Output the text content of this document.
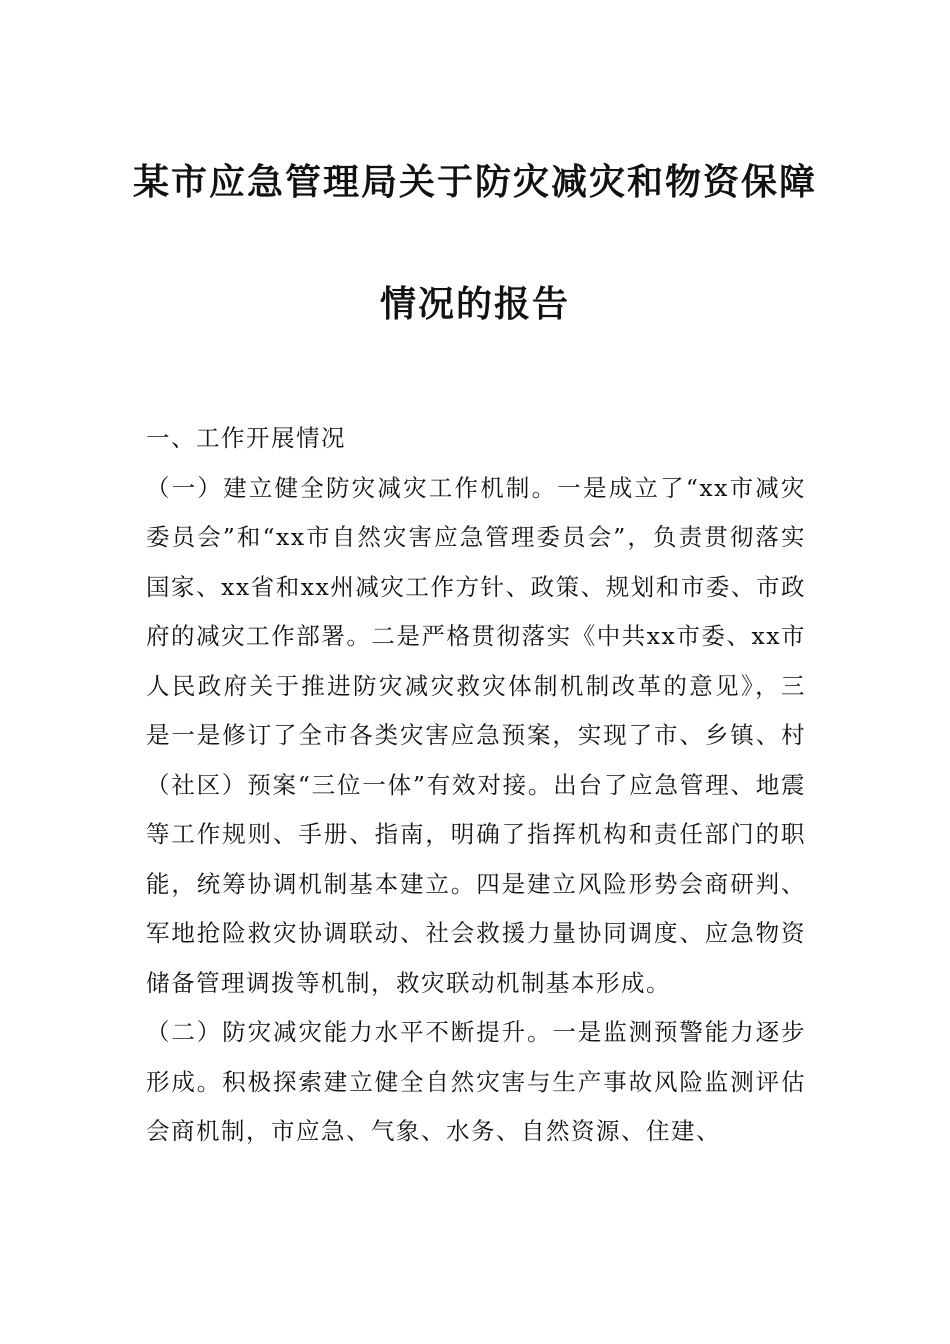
某市应急管理局关于防灾减灾和物资保障
情况的报告

一、工作开展情况

（一）建立健全防灾减灾工作机制。一是成立了“xx市减灾委员会”和“xx市自然灾害应急管理委员会”，负责贯彻落实国家、xx省和xx州减灾工作方针、政策、规划和市委、市政府的减灾工作部署。二是严格贯彻落实《中共xx市委、xx市人民政府关于推进防灾减灾救灾体制机制改革的意见》，三是一是修订了全市各类灾害应急预案，实现了市、乡镇、村（社区）预案“三位一体”有效对接。出台了应急管理、地震等工作规则、手册、指南，明确了指挥机构和责任部门的职能，统筹协调机制基本建立。四是建立风险形势会商研判、军地抢险救灾协调联动、社会救援力量协同调度、应急物资储备管理调拨等机制，救灾联动机制基本形成。

（二）防灾减灾能力水平不断提升。一是监测预警能力逐步形成。积极探索建立健全自然灾害与生产事故风险监测评估会商机制，市应急、气象、水务、自然资源、住建、
